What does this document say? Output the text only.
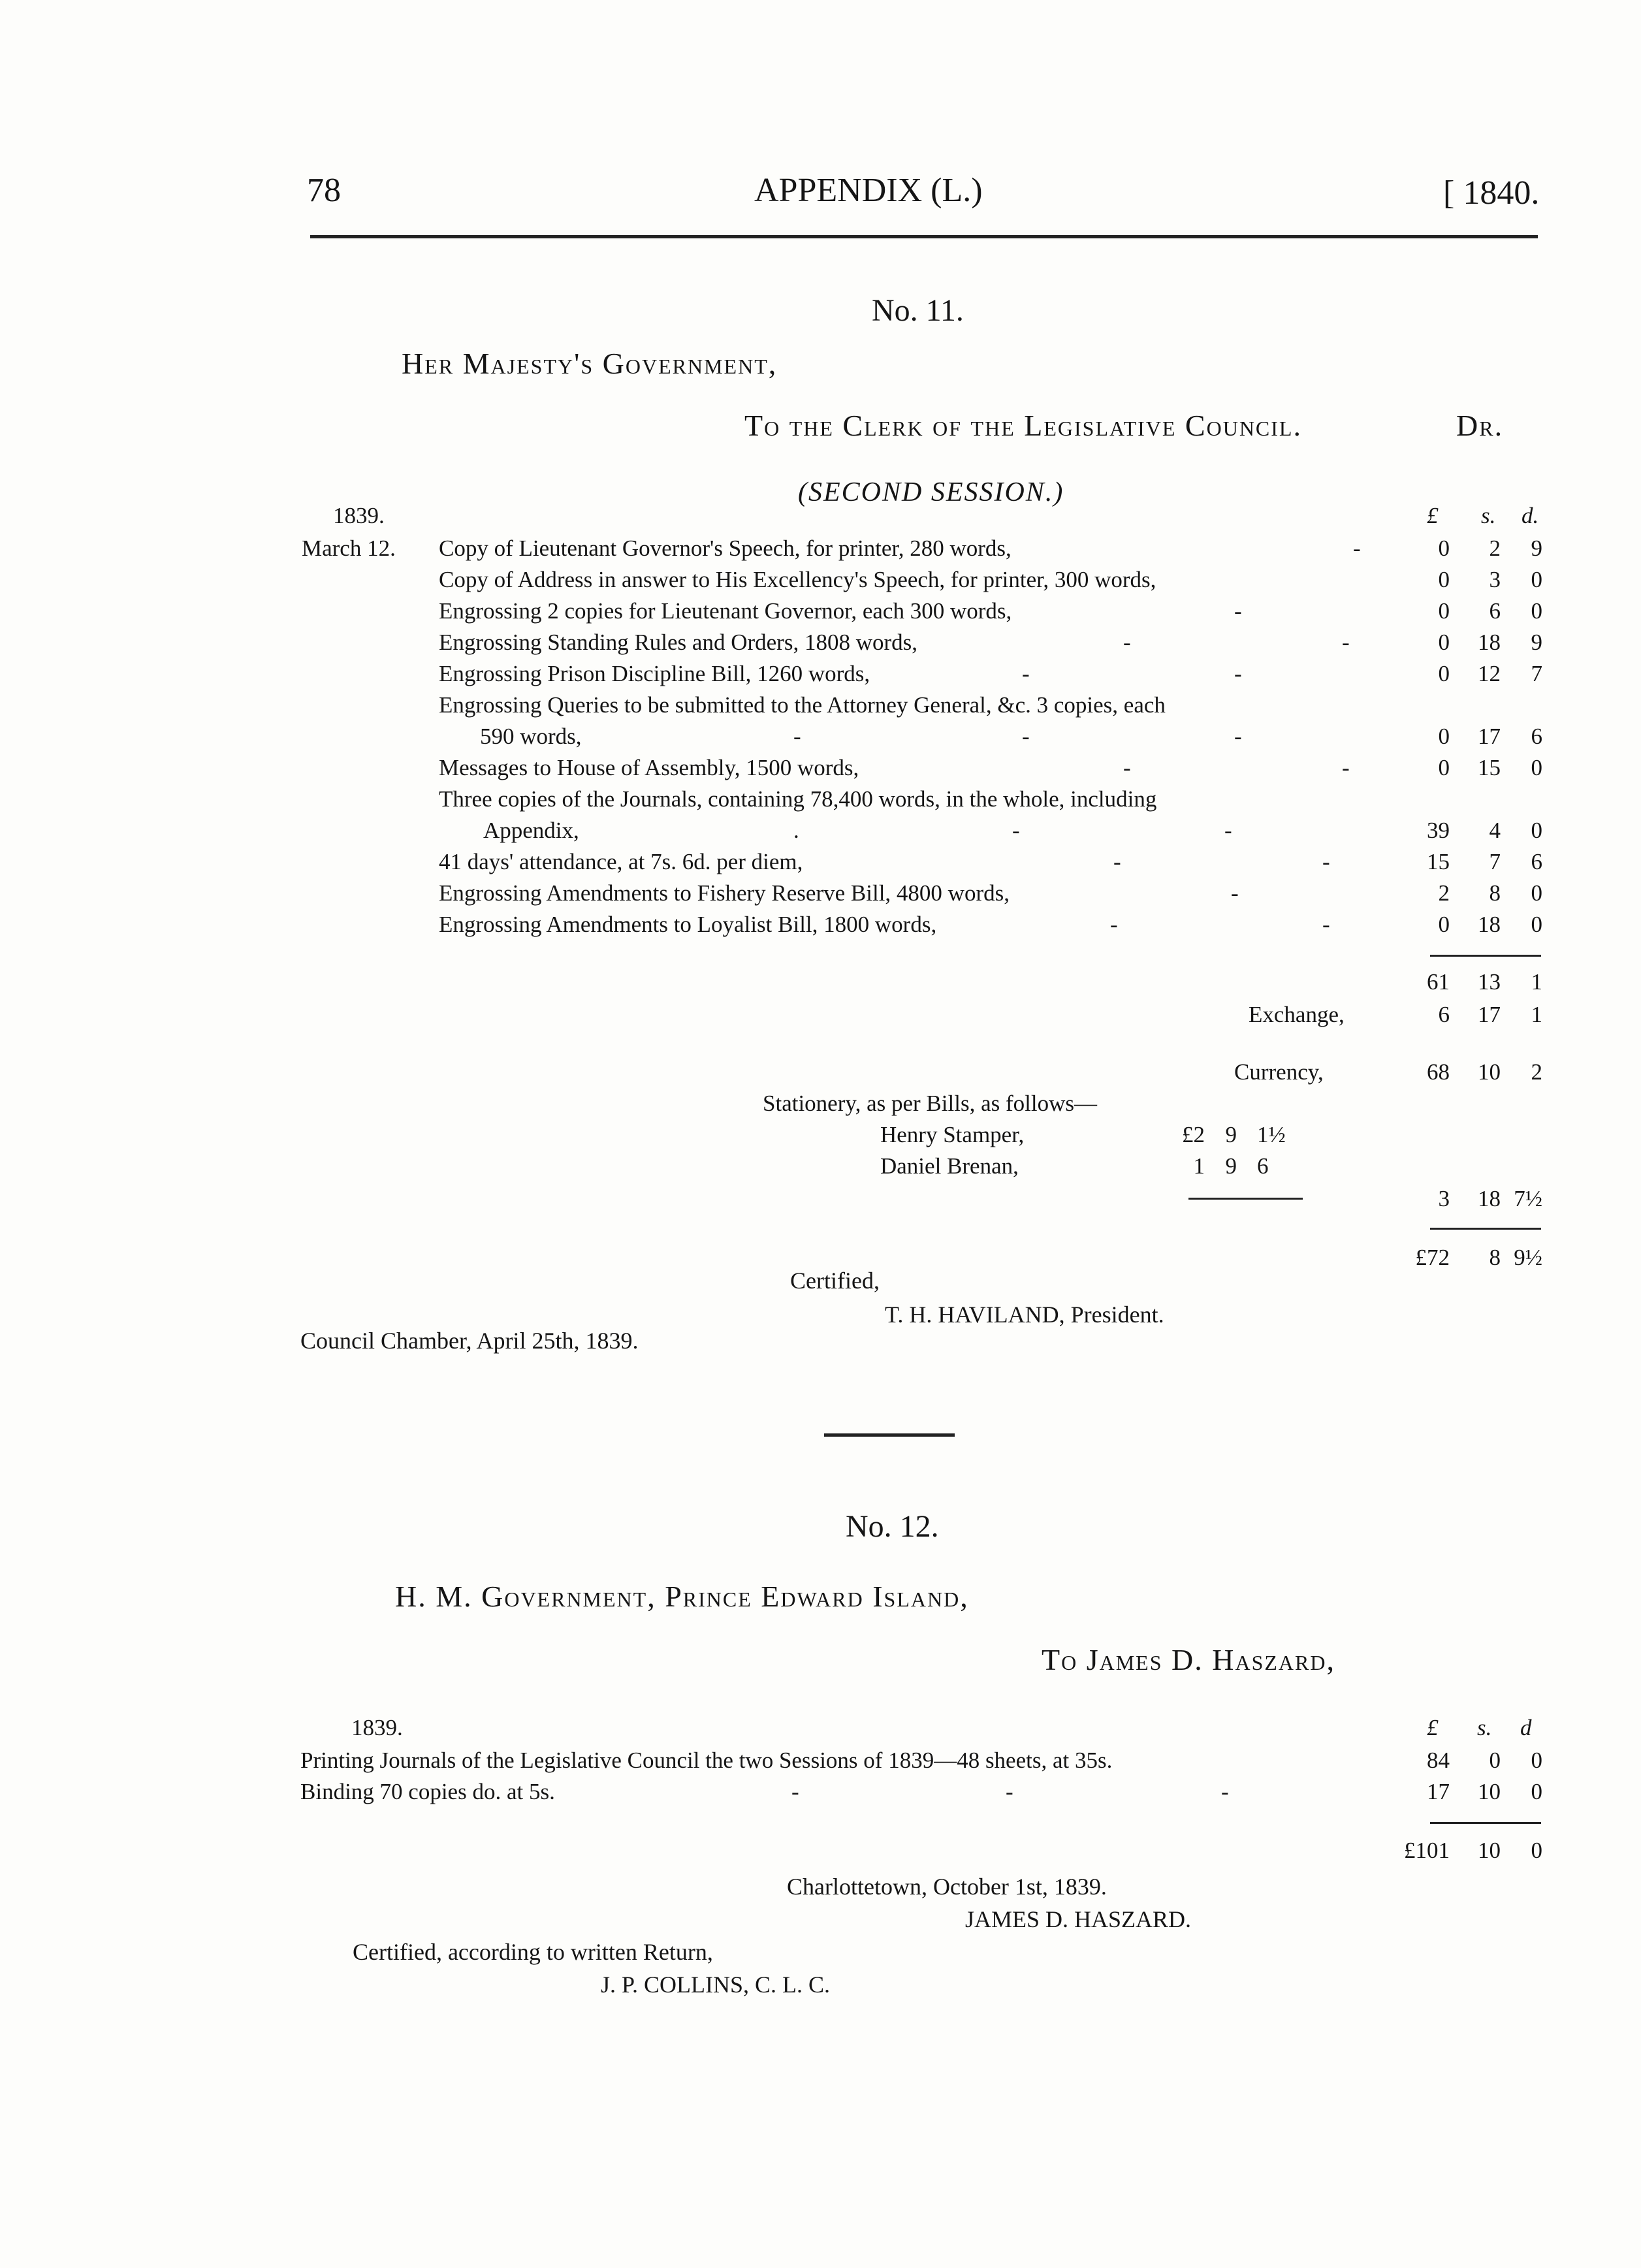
78	APPENDIX (L.)	[ 1840.
No. 11.
Her Majesty's Government,
To the Clerk of the Legislative Council.	Dr.
(SECOND SESSION.)
1839.	£ s. d.
March 12. Copy of Lieutenant Governor's Speech, for printer, 280 words,	-	0	2	9
Copy of Address in answer to His Excellency's Speech, for printer, 300 words,	0	3	0
Engrossing 2 copies for Lieutenant Governor, each 300 words,	-	0	6	0
Engrossing Standing Rules and Orders, 1808 words,	-	-	0	18	9
Engrossing Prison Discipline Bill, 1260 words,	-	-	0	12	7
Engrossing Queries to be submitted to the Attorney General, &c. 3 copies, each
590 words,	-	-	-	0	17	6
Messages to House of Assembly, 1500 words,	-	-	0	15	0
Three copies of the Journals, containing 78,400 words, in the whole, including
Appendix,	.	-	-	39	4	0
41 days' attendance, at 7s. 6d. per diem,	-	-	15	7	6
Engrossing Amendments to Fishery Reserve Bill, 4800 words,	-	2	8	0
Engrossing Amendments to Loyalist Bill, 1800 words,	-	-	0	18	0
61	13	1
Exchange,	6	17	1
Currency,	68	10	2
Stationery, as per Bills, as follows—
Henry Stamper,	£2 9 1½
Daniel Brenan,	1 9 6
3	18 7½
£72	8 9½
Certified,
T. H. HAVILAND, President.
Council Chamber, April 25th, 1839.
No. 12.
H. M. Government, Prince Edward Island,
To James D. Haszard,
1839.	£ s. d
Printing Journals of the Legislative Council the two Sessions of 1839—48 sheets, at 35s.	84	0	0
Binding 70 copies do. at 5s.	-	-	-	17	10	0
£101	10	0
Charlottetown, October 1st, 1839.
JAMES D. HASZARD.
Certified, according to written Return,
J. P. COLLINS, C. L. C.
